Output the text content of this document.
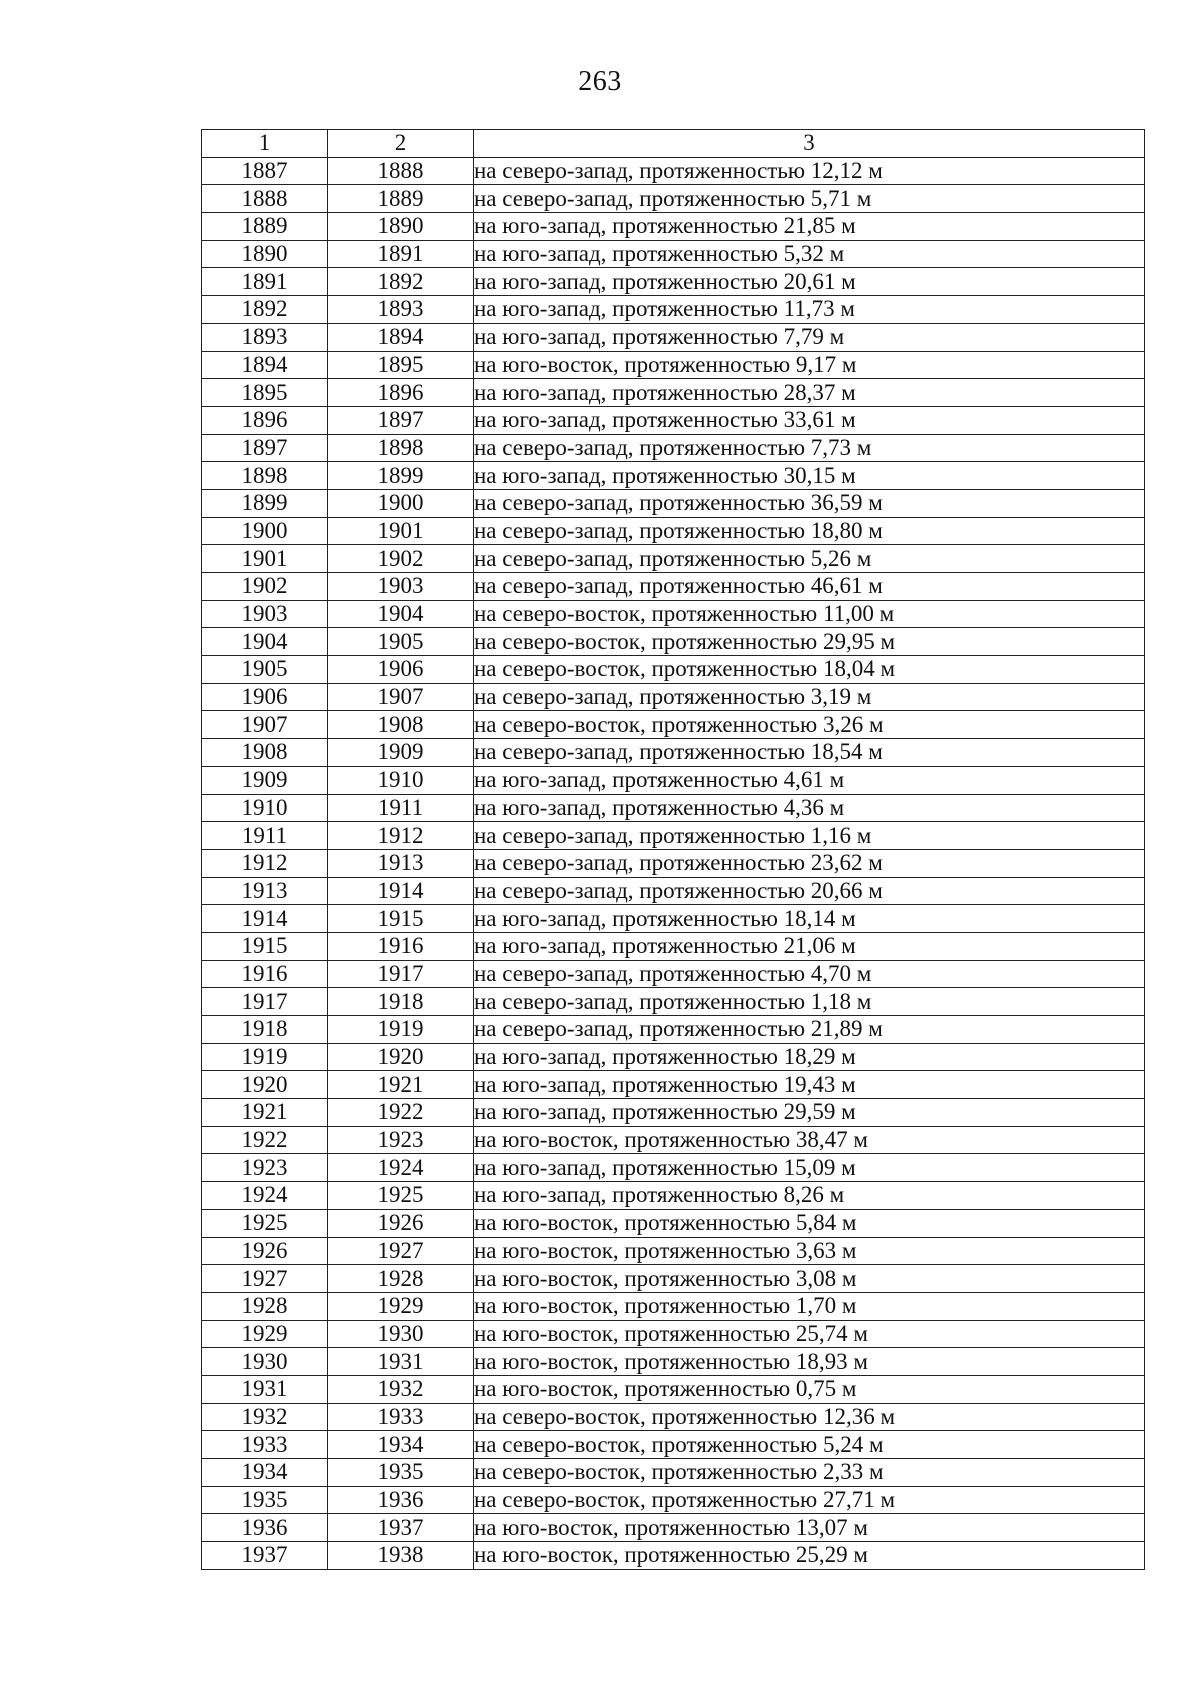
263
1	2	3
1887	1888	на северо-запад, протяженностью 12,12 м
1888	1889	на северо-запад, протяженностью 5,71 м
1889	1890	на юго-запад, протяженностью 21,85 м
1890	1891	на юго-запад, протяженностью 5,32 м
1891	1892	на юго-запад, протяженностью 20,61 м
1892	1893	на юго-запад, протяженностью 11,73 м
1893	1894	на юго-запад, протяженностью 7,79 м
1894	1895	на юго-восток, протяженностью 9,17 м
1895	1896	на юго-запад, протяженностью 28,37 м
1896	1897	на юго-запад, протяженностью 33,61 м
1897	1898	на северо-запад, протяженностью 7,73 м
1898	1899	на юго-запад, протяженностью 30,15 м
1899	1900	на северо-запад, протяженностью 36,59 м
1900	1901	на северо-запад, протяженностью 18,80 м
1901	1902	на северо-запад, протяженностью 5,26 м
1902	1903	на северо-запад, протяженностью 46,61 м
1903	1904	на северо-восток, протяженностью 11,00 м
1904	1905	на северо-восток, протяженностью 29,95 м
1905	1906	на северо-восток, протяженностью 18,04 м
1906	1907	на северо-запад, протяженностью 3,19 м
1907	1908	на северо-восток, протяженностью 3,26 м
1908	1909	на северо-запад, протяженностью 18,54 м
1909	1910	на юго-запад, протяженностью 4,61 м
1910	1911	на юго-запад, протяженностью 4,36 м
1911	1912	на северо-запад, протяженностью 1,16 м
1912	1913	на северо-запад, протяженностью 23,62 м
1913	1914	на северо-запад, протяженностью 20,66 м
1914	1915	на юго-запад, протяженностью 18,14 м
1915	1916	на юго-запад, протяженностью 21,06 м
1916	1917	на северо-запад, протяженностью 4,70 м
1917	1918	на северо-запад, протяженностью 1,18 м
1918	1919	на северо-запад, протяженностью 21,89 м
1919	1920	на юго-запад, протяженностью 18,29 м
1920	1921	на юго-запад, протяженностью 19,43 м
1921	1922	на юго-запад, протяженностью 29,59 м
1922	1923	на юго-восток, протяженностью 38,47 м
1923	1924	на юго-запад, протяженностью 15,09 м
1924	1925	на юго-запад, протяженностью 8,26 м
1925	1926	на юго-восток, протяженностью 5,84 м
1926	1927	на юго-восток, протяженностью 3,63 м
1927	1928	на юго-восток, протяженностью 3,08 м
1928	1929	на юго-восток, протяженностью 1,70 м
1929	1930	на юго-восток, протяженностью 25,74 м
1930	1931	на юго-восток, протяженностью 18,93 м
1931	1932	на юго-восток, протяженностью 0,75 м
1932	1933	на северо-восток, протяженностью 12,36 м
1933	1934	на северо-восток, протяженностью 5,24 м
1934	1935	на северо-восток, протяженностью 2,33 м
1935	1936	на северо-восток, протяженностью 27,71 м
1936	1937	на юго-восток, протяженностью 13,07 м
1937	1938	на юго-восток, протяженностью 25,29 м
